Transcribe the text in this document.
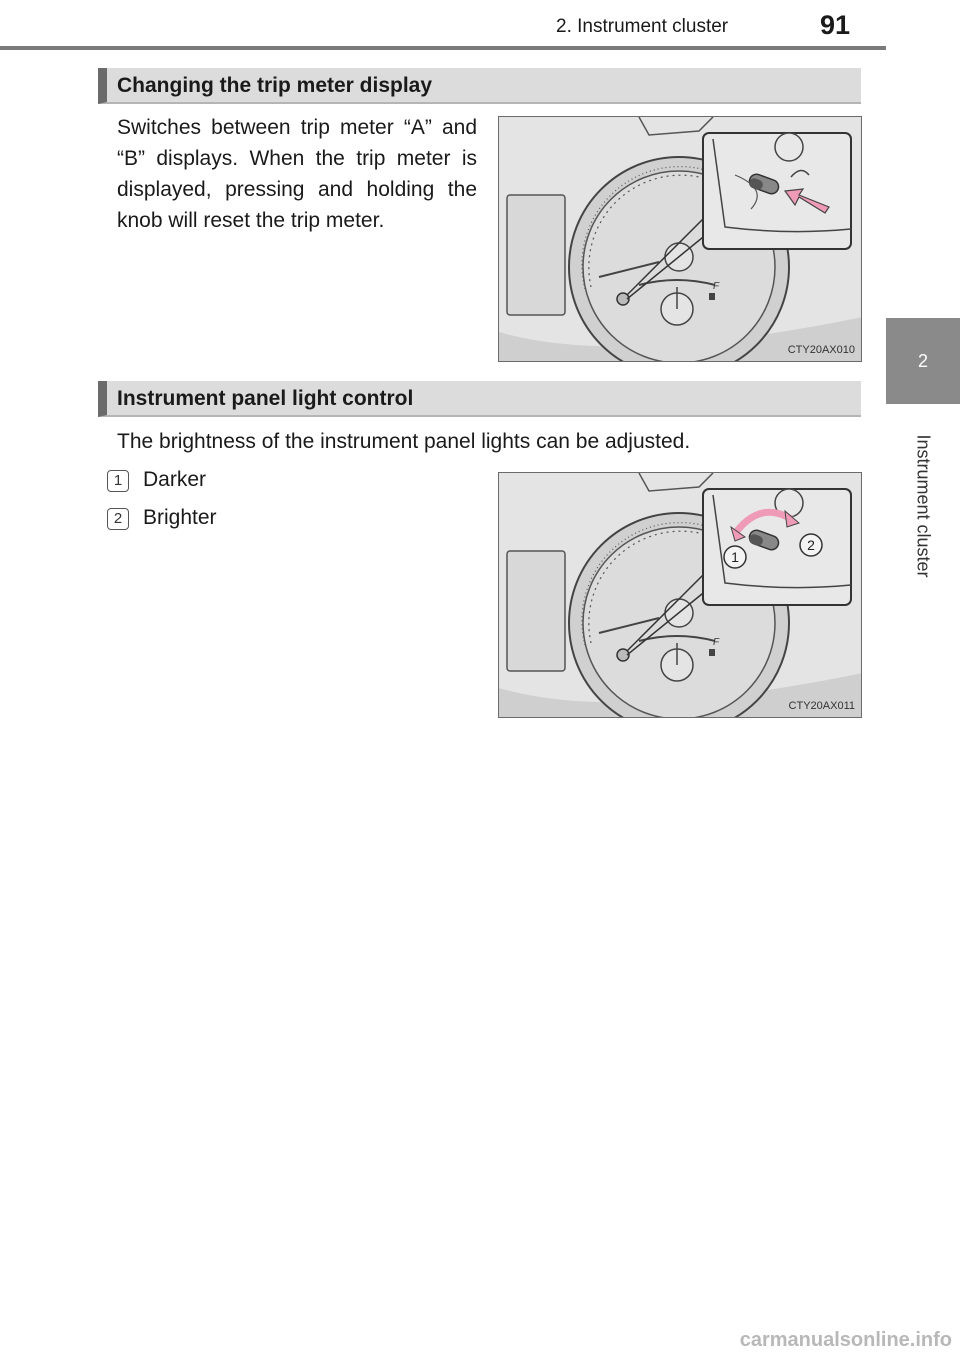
2. Instrument cluster	91
2
Instrument cluster
Changing the trip meter display
Switches between trip meter “A” and “B” displays. When the trip meter is displayed, pressing and holding the knob will reset the trip meter.
F
CTY20AX010
Instrument panel light control
The brightness of the instrument panel lights can be adjusted.
1 Darker
2 Brighter
F
1
2
CTY20AX011
carmanualsonline.info
